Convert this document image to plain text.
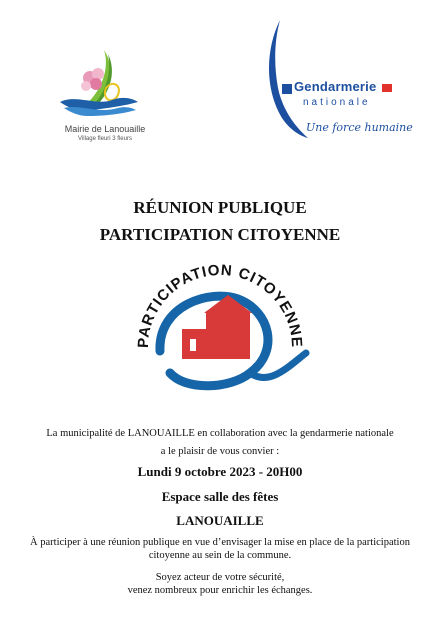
Mairie de Lanouaille
Village fleuri 3 fleurs
Gendarmerie
nationale
Une force humaine
RÉUNION PUBLIQUE
PARTICIPATION CITOYENNE
PARTICIPATION CITOYENNE
La municipalité de LANOUAILLE en collaboration avec la gendarmerie nationale
a le plaisir de vous convier :
Lundi 9 octobre 2023 - 20H00
Espace salle des fêtes
LANOUAILLE
À participer à une réunion publique en vue d’envisager la mise en place de la participation
citoyenne au sein de la commune.
Soyez acteur de votre sécurité,
venez nombreux pour enrichir les échanges.
